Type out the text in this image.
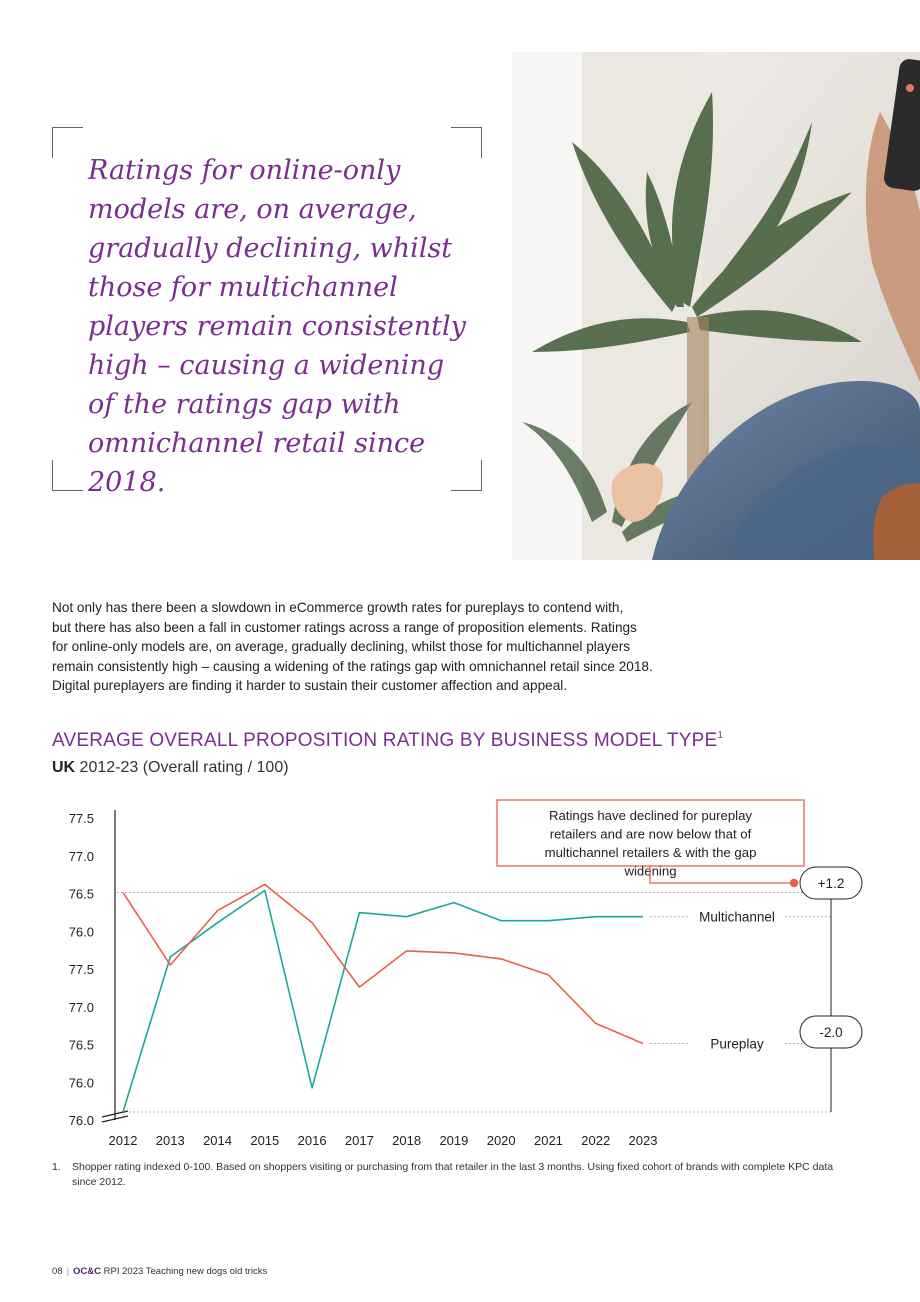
Ratings for online-only
models are, on average,
gradually declining, whilst
those for multichannel
players remain consistently
high – causing a widening
of the ratings gap with
omnichannel retail since 2018.
Not only has there been a slowdown in eCommerce growth rates for pureplays to contend with,
but there has also been a fall in customer ratings across a range of proposition elements. Ratings
for online-only models are, on average, gradually declining, whilst those for multichannel players
remain consistently high – causing a widening of the ratings gap with omnichannel retail since 2018.
Digital pureplayers are finding it harder to sustain their customer affection and appeal.
AVERAGE OVERALL PROPOSITION RATING BY BUSINESS MODEL TYPE$^1$
UK 2012-23 (Overall rating / 100)
77.5
77.0
76.5
76.0
77.5
77.0
76.5
76.0
76.0
2012 2013 2014 2015 2016 2017 2018 2019 2020 2021 2022 2023
Multichannel
Pureplay
+1.2
-2.0
Ratings have declined for pureplay
retailers and are now below that of
multichannel retailers & with the gap
widening
1. Shopper rating indexed 0-100. Based on shoppers visiting or purchasing from that retailer in the last 3 months. Using fixed cohort of brands with complete KPC data since 2012.
08 | OC&C RPI 2023 Teaching new dogs old tricks
